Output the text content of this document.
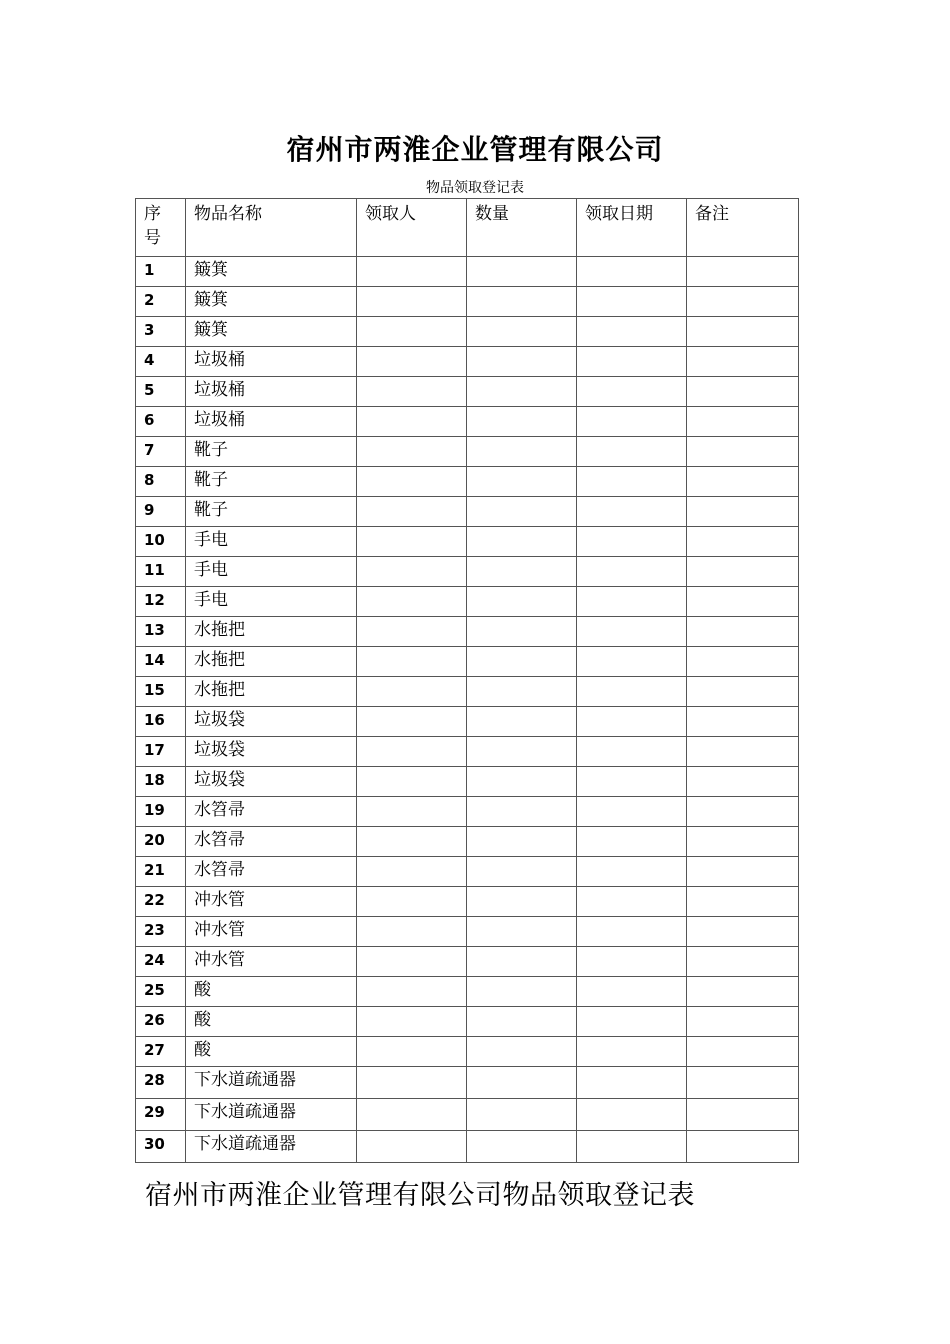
宿州市两淮企业管理有限公司
物品领取登记表
序号	物品名称	领取人	数量	领取日期	备注
1	簸箕				
2	簸箕				
3	簸箕				
4	垃圾桶				
5	垃圾桶				
6	垃圾桶				
7	靴子				
8	靴子				
9	靴子				
10	手电				
11	手电				
12	手电				
13	水拖把				
14	水拖把				
15	水拖把				
16	垃圾袋				
17	垃圾袋				
18	垃圾袋				
19	水笤帚				
20	水笤帚				
21	水笤帚				
22	冲水管				
23	冲水管				
24	冲水管				
25	酸				
26	酸				
27	酸				
28	下水道疏通器				
29	下水道疏通器				
30	下水道疏通器				
宿州市两淮企业管理有限公司物品领取登记表
